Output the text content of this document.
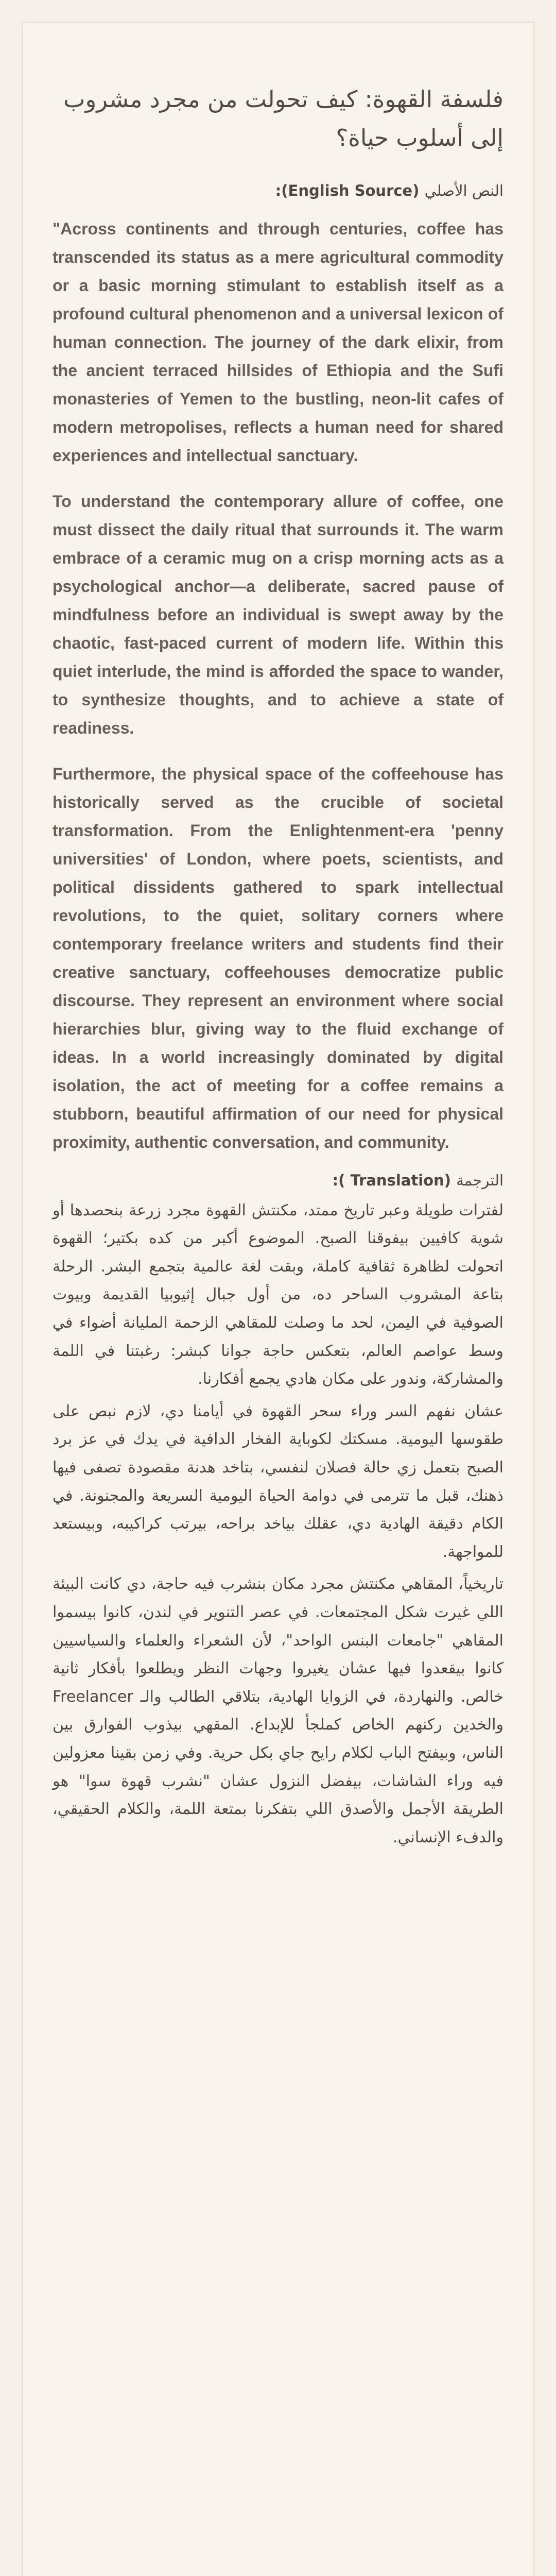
فلسفة القهوة: كيف تحولت من مجرد مشروب إلى أسلوب حياة؟
النص الأصلي (English Source):

"Across continents and through centuries, coffee has transcended its status as a mere agricultural commodity or a basic morning stimulant to establish itself as a profound cultural phenomenon and a universal lexicon of human connection. The journey of the dark elixir, from the ancient terraced hillsides of Ethiopia and the Sufi monasteries of Yemen to the bustling, neon-lit cafes of modern metropolises, reflects a human need for shared experiences and intellectual sanctuary.

To understand the contemporary allure of coffee, one must dissect the daily ritual that surrounds it. The warm embrace of a ceramic mug on a crisp morning acts as a psychological anchor—a deliberate, sacred pause of mindfulness before an individual is swept away by the chaotic, fast-paced current of modern life. Within this quiet interlude, the mind is afforded the space to wander, to synthesize thoughts, and to achieve a state of readiness.

Furthermore, the physical space of the coffeehouse has historically served as the crucible of societal transformation. From the Enlightenment-era 'penny universities' of London, where poets, scientists, and political dissidents gathered to spark intellectual revolutions, to the quiet, solitary corners where contemporary freelance writers and students find their creative sanctuary, coffeehouses democratize public discourse. They represent an environment where social hierarchies blur, giving way to the fluid exchange of ideas. In a world increasingly dominated by digital isolation, the act of meeting for a coffee remains a stubborn, beautiful affirmation of our need for physical proximity, authentic conversation, and community.

الترجمة (Translation ):

لفترات طويلة وعبر تاريخ ممتد، مكنتش القهوة مجرد زرعة بنحصدها أو شوية كافيين بيفوقنا الصبح. الموضوع أكبر من كده بكتير؛ القهوة اتحولت لظاهرة ثقافية كاملة، وبقت لغة عالمية بتجمع البشر. الرحلة بتاعة المشروب الساحر ده، من أول جبال إثيوبيا القديمة وبيوت الصوفية في اليمن، لحد ما وصلت للمقاهي الزحمة المليانة أضواء في وسط عواصم العالم، بتعكس حاجة جوانا كبشر: رغبتنا في اللمة والمشاركة، وندور على مكان هادي يجمع أفكارنا.

عشان نفهم السر وراء سحر القهوة في أيامنا دي، لازم نبص على طقوسها اليومية. مسكتك لكوباية الفخار الدافية في يدك في عز برد الصبح بتعمل زي حالة فصلان لنفسي، بتاخد هدنة مقصودة تصفى فيها ذهنك، قبل ما تترمى في دوامة الحياة اليومية السريعة والمجنونة. في الكام دقيقة الهادية دي، عقلك بياخد براحه، بيرتب كراكيبه، وبيستعد للمواجهة.

تاريخياً، المقاهي مكنتش مجرد مكان بنشرب فيه حاجة، دي كانت البيئة اللي غيرت شكل المجتمعات. في عصر التنوير في لندن، كانوا بيسموا المقاهي "جامعات البنس الواحد"، لأن الشعراء والعلماء والسياسيين كانوا بيقعدوا فيها عشان يغيروا وجهات النظر ويطلعوا بأفكار ثانية خالص. والنهاردة، في الزوايا الهادية، بتلاقي الطالب والـ Freelancer والخدين ركنهم الخاص كملجأ للإبداع. المقهي بيذوب الفوارق بين الناس، وبيفتح الباب لكلام رايح جاي بكل حرية. وفي زمن بقينا معزولين فيه وراء الشاشات، بيفضل النزول عشان "نشرب قهوة سوا" هو الطريقة الأجمل والأصدق اللي بتفكرنا بمتعة اللمة، والكلام الحقيقي، والدفء الإنساني.
